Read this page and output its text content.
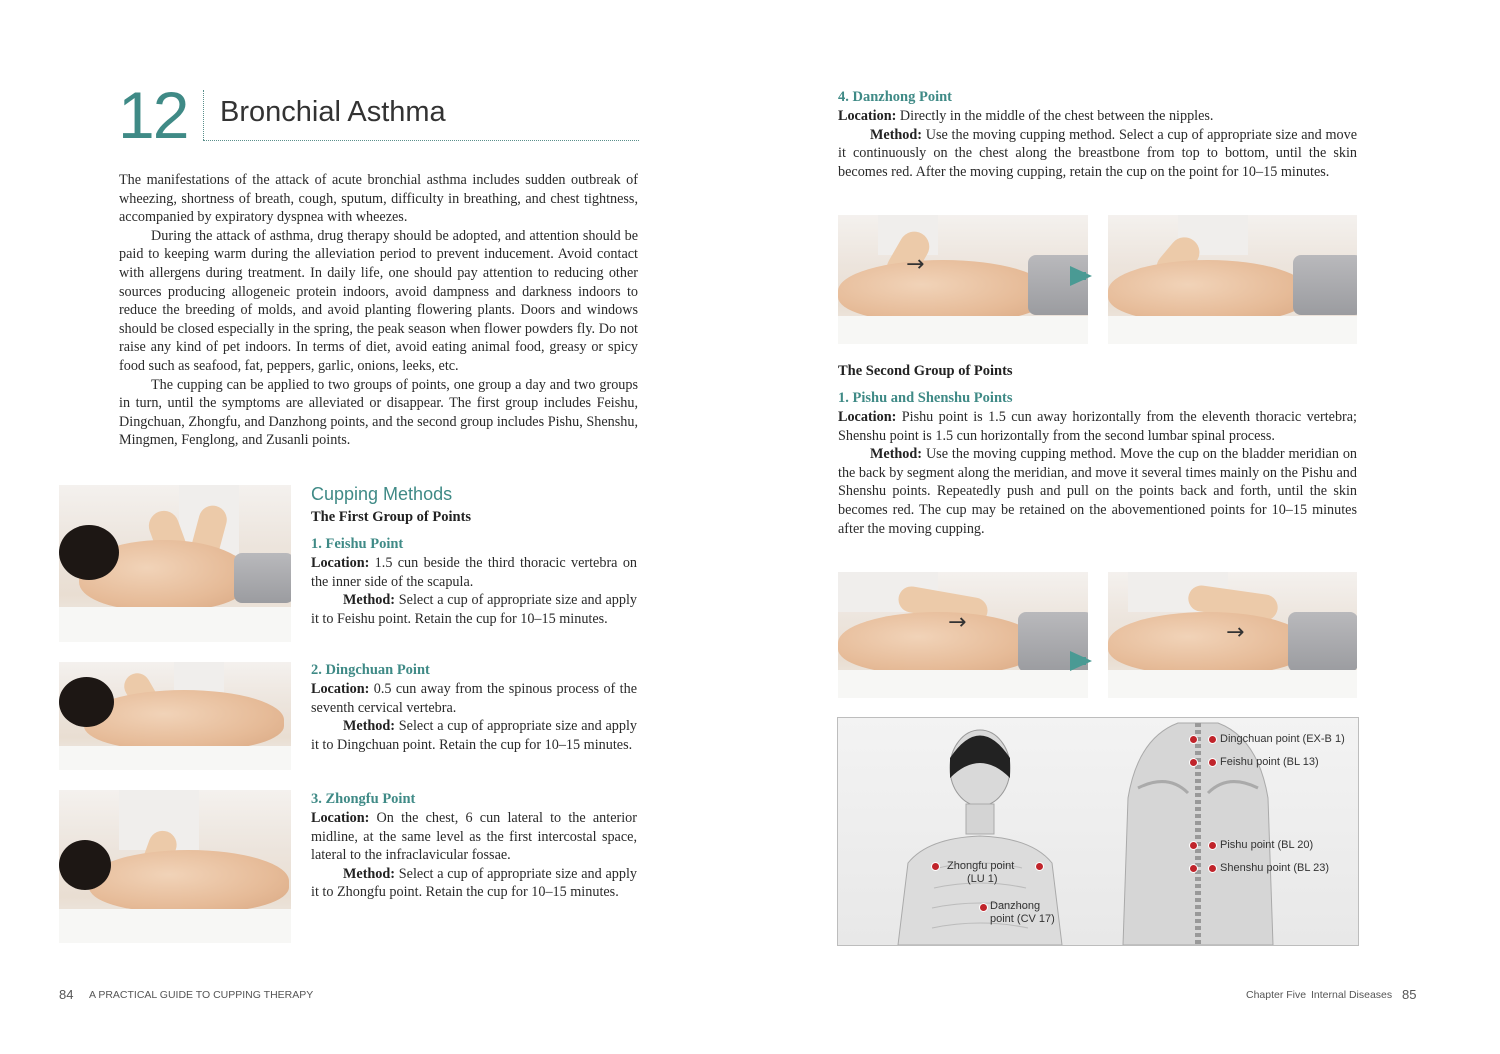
12 Bronchial Asthma

The manifestations of the attack of acute bronchial asthma includes sudden outbreak of wheezing, shortness of breath, cough, sputum, difficulty in breathing, and chest tightness, accompanied by expiratory dyspnea with wheezes.

During the attack of asthma, drug therapy should be adopted, and attention should be paid to keeping warm during the alleviation period to prevent inducement. Avoid contact with allergens during treatment. In daily life, one should pay attention to reducing other sources producing allogeneic protein indoors, avoid dampness and darkness indoors to reduce the breeding of molds, and avoid planting flowering plants. Doors and windows should be closed especially in the spring, the peak season when flower powders fly. Do not raise any kind of pet indoors. In terms of diet, avoid eating animal food, greasy or spicy food such as seafood, fat, peppers, garlic, onions, leeks, etc.

The cupping can be applied to two groups of points, one group a day and two groups in turn, until the symptoms are alleviated or disappear. The first group includes Feishu, Dingchuan, Zhongfu, and Danzhong points, and the second group includes Pishu, Shenshu, Mingmen, Fenglong, and Zusanli points.

Cupping Methods
The First Group of Points
1. Feishu Point

Location: 1.5 cun beside the third thoracic vertebra on the inner side of the scapula.

Method: Select a cup of appropriate size and apply it to Feishu point. Retain the cup for 10–15 minutes.

2. Dingchuan Point

Location: 0.5 cun away from the spinous process of the seventh cervical vertebra.

Method: Select a cup of appropriate size and apply it to Dingchuan point. Retain the cup for 10–15 minutes.

3. Zhongfu Point

Location: On the chest, 6 cun lateral to the anterior midline, at the same level as the first intercostal space, lateral to the infraclavicular fossae.

Method: Select a cup of appropriate size and apply it to Zhongfu point. Retain the cup for 10–15 minutes.

4. Danzhong Point

Location: Directly in the middle of the chest between the nipples.

Method: Use the moving cupping method. Select a cup of appropriate size and move it continuously on the chest along the breastbone from top to bottom, until the skin becomes red. After the moving cupping, retain the cup on the point for 10–15 minutes.

→
The Second Group of Points
1. Pishu and Shenshu Points

Location: Pishu point is 1.5 cun away horizontally from the eleventh thoracic vertebra; Shenshu point is 1.5 cun horizontally from the second lumbar spinal process.

Method: Use the moving cupping method. Move the cup on the bladder meridian on the back by segment along the meridian, and move it several times mainly on the Pishu and Shenshu points. Repeatedly push and pull on the points back and forth, until the skin becomes red. The cup may be retained on the abovementioned points for 10–15 minutes after the moving cupping.

→	→
Zhongfu point
(LU 1)
Danzhong
point (CV 17)
Dingchuan point (EX-B 1)
Feishu point (BL 13)
Pishu point (BL 20)
Shenshu point (BL 23)
84 A PRACTICAL GUIDE TO CUPPING THERAPY	Chapter Five Internal Diseases 85
